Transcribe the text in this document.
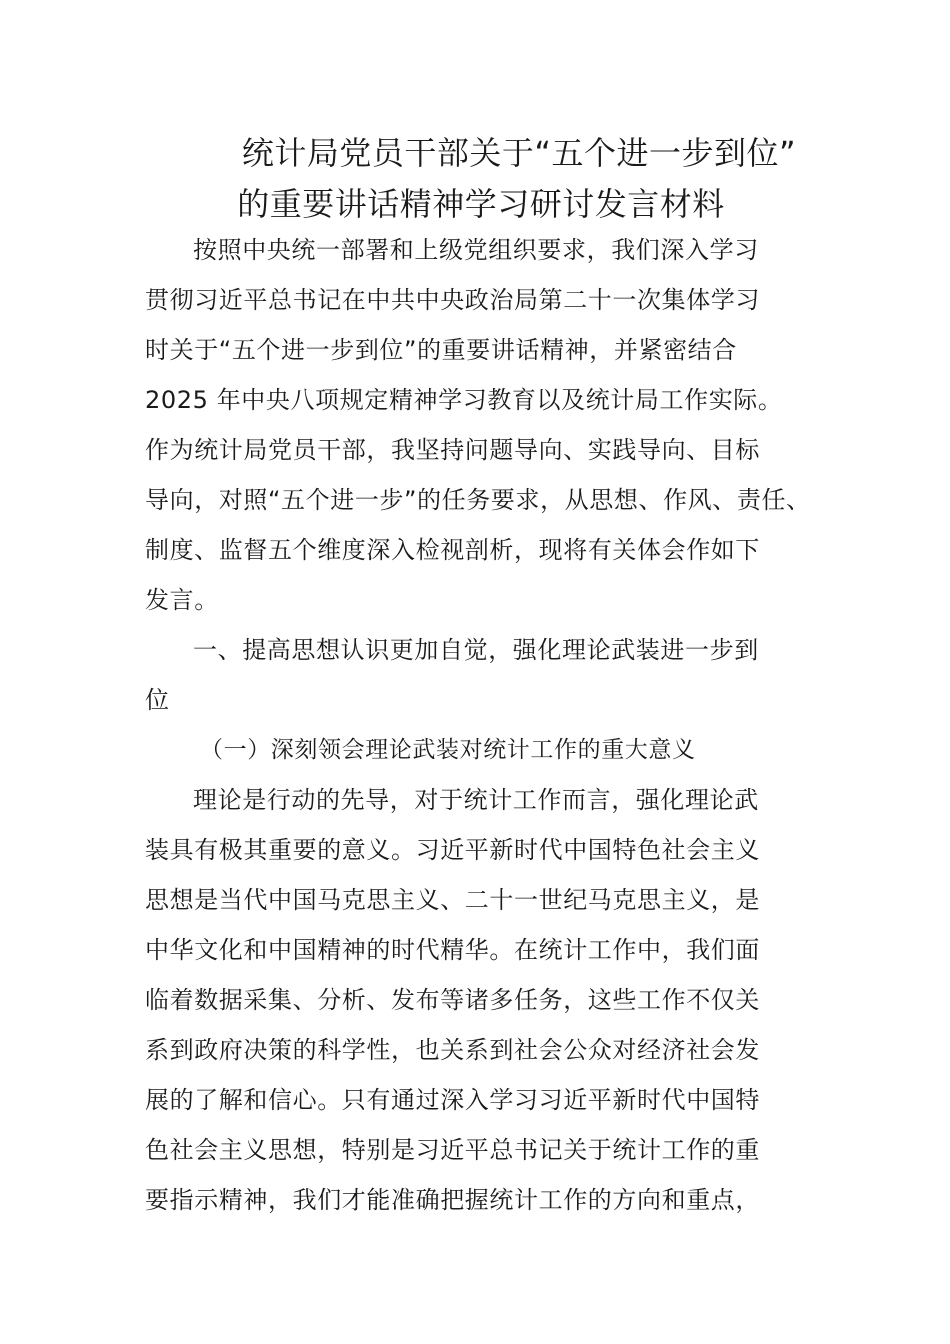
统计局党员干部关于“五个进一步到位”
的重要讲话精神学习研讨发言材料

按照中央统一部署和上级党组织要求，我们深入学习

贯彻习近平总书记在中共中央政治局第二十一次集体学习

时关于“五个进一步到位”的重要讲话精神，并紧密结合

2025 年中央八项规定精神学习教育以及统计局工作实际。

作为统计局党员干部，我坚持问题导向、实践导向、目标

导向，对照“五个进一步”的任务要求，从思想、作风、责任、

制度、监督五个维度深入检视剖析，现将有关体会作如下

发言。

一、提高思想认识更加自觉，强化理论武装进一步到

位

（一）深刻领会理论武装对统计工作的重大意义

理论是行动的先导，对于统计工作而言，强化理论武

装具有极其重要的意义。习近平新时代中国特色社会主义

思想是当代中国马克思主义、二十一世纪马克思主义，是

中华文化和中国精神的时代精华。在统计工作中，我们面

临着数据采集、分析、发布等诸多任务，这些工作不仅关

系到政府决策的科学性，也关系到社会公众对经济社会发

展的了解和信心。只有通过深入学习习近平新时代中国特

色社会主义思想，特别是习近平总书记关于统计工作的重

要指示精神，我们才能准确把握统计工作的方向和重点，
